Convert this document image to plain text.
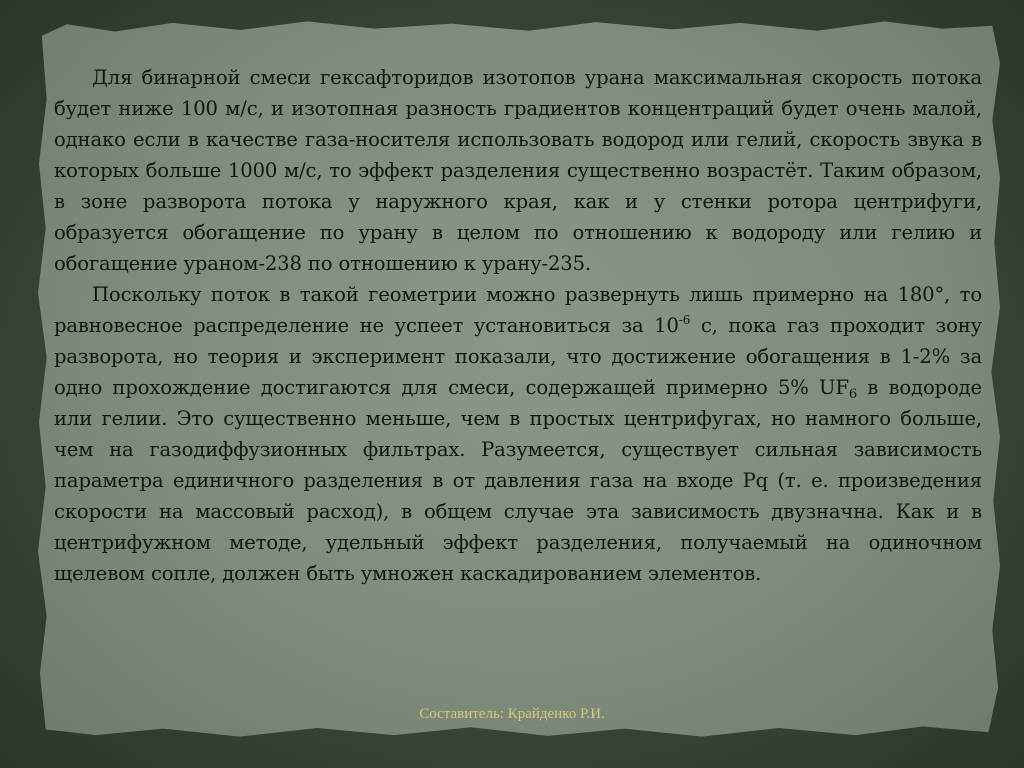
Для бинарной смеси гексафторидов изотопов урана максимальная скорость потока будет ниже 100 м/с, и изотопная разность градиентов концентраций будет очень малой, однако если в качестве газа-носителя использовать водород или гелий, скорость звука в которых больше 1000 м/с, то эффект разделения существенно возрастёт. Таким образом, в зоне разворота потока у наружного края, как и у стенки ротора центрифуги, образуется обогащение по урану в целом по отношению к водороду или гелию и обогащение ураном-238 по отношению к урану-235.

Поскольку поток в такой геометрии можно развернуть лишь примерно на 180°, то равновесное распределение не успеет установиться за $10^{-6}$ с, пока газ проходит зону разворота, но теория и эксперимент показали, что достижение обогащения в 1-2% за одно прохождение достигаются для смеси, содержащей примерно 5% $UF_6$ в водороде или гелии. Это существенно меньше, чем в простых центрифугах, но намного больше, чем на газодиффузионных фильтрах. Разумеется, существует сильная зависимость параметра единичного разделения в от давления газа на входе Pq (т. е. произведения скорости на массовый расход), в общем случае эта зависимость двузначна. Как и в центрифужном методе, удельный эффект разделения, получаемый на одиночном щелевом сопле, должен быть умножен каскадированием элементов.

Составитель: Крайденко Р.И.
